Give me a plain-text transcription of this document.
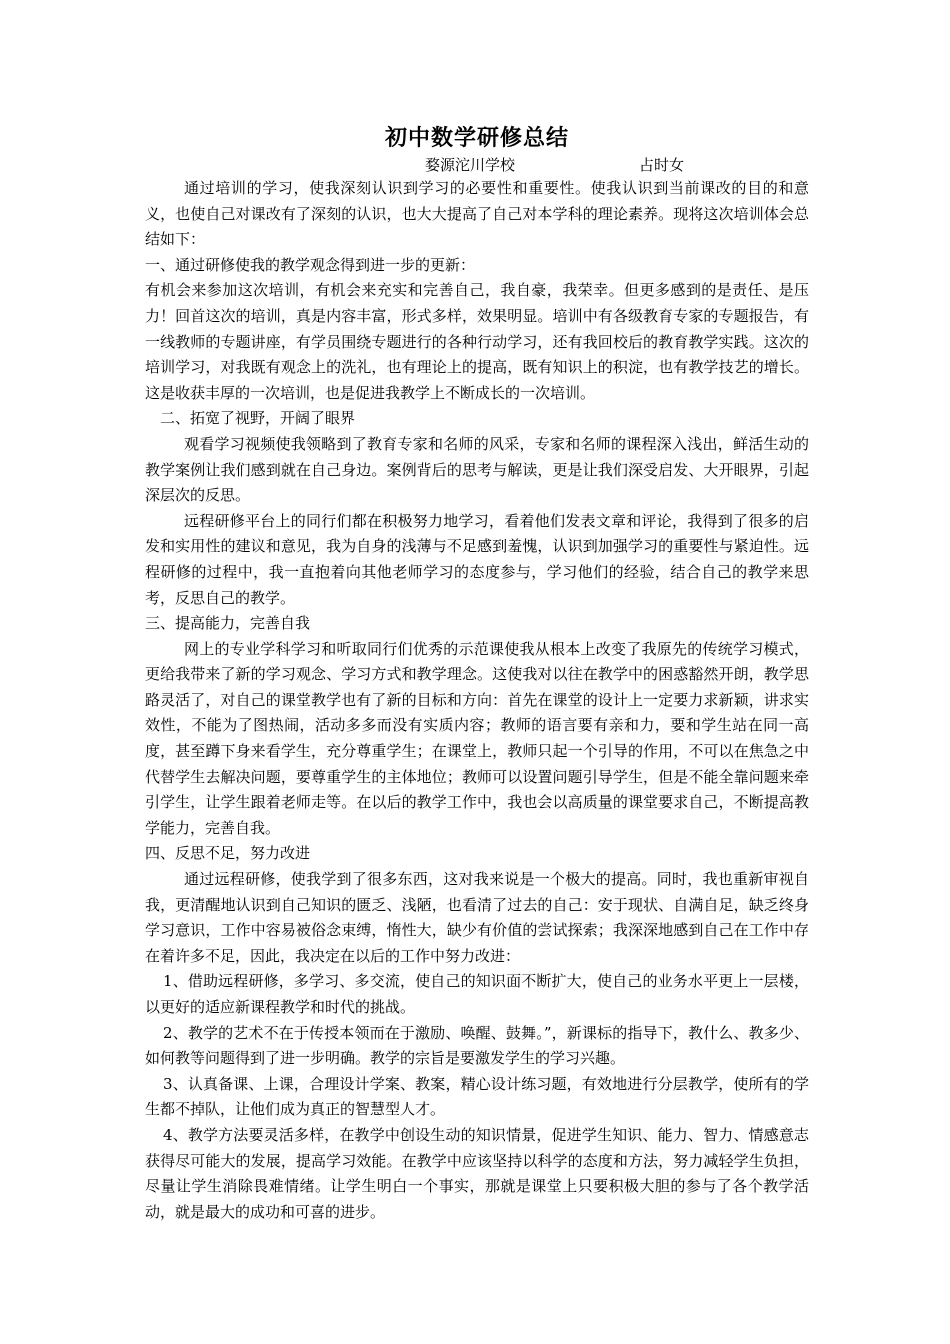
初中数学研修总结

婺源沱川学校	占时女

通过培训的学习，使我深刻认识到学习的必要性和重要性。使我认识到当前课改的目的和意义，也使自己对课改有了深刻的认识，也大大提高了自己对本学科的理论素养。现将这次培训体会总结如下：

一、通过研修使我的教学观念得到进一步的更新：

有机会来参加这次培训，有机会来充实和完善自己，我自豪，我荣幸。但更多感到的是责任、是压力！回首这次的培训，真是内容丰富，形式多样，效果明显。培训中有各级教育专家的专题报告，有一线教师的专题讲座，有学员围绕专题进行的各种行动学习，还有我回校后的教育教学实践。这次的培训学习，对我既有观念上的洗礼，也有理论上的提高，既有知识上的积淀，也有教学技艺的增长。这是收获丰厚的一次培训，也是促进我教学上不断成长的一次培训。

二、拓宽了视野，开阔了眼界

观看学习视频使我领略到了教育专家和名师的风采，专家和名师的课程深入浅出，鲜活生动的教学案例让我们感到就在自己身边。案例背后的思考与解读，更是让我们深受启发、大开眼界，引起深层次的反思。

远程研修平台上的同行们都在积极努力地学习，看着他们发表文章和评论，我得到了很多的启发和实用性的建议和意见，我为自身的浅薄与不足感到羞愧，认识到加强学习的重要性与紧迫性。远程研修的过程中，我一直抱着向其他老师学习的态度参与，学习他们的经验，结合自己的教学来思考，反思自己的教学。

三、提高能力，完善自我

网上的专业学科学习和听取同行们优秀的示范课使我从根本上改变了我原先的传统学习模式，更给我带来了新的学习观念、学习方式和教学理念。这使我对以往在教学中的困惑豁然开朗，教学思路灵活了，对自己的课堂教学也有了新的目标和方向：首先在课堂的设计上一定要力求新颖，讲求实效性，不能为了图热闹，活动多多而没有实质内容；教师的语言要有亲和力，要和学生站在同一高度，甚至蹲下身来看学生，充分尊重学生；在课堂上，教师只起一个引导的作用，不可以在焦急之中代替学生去解决问题，要尊重学生的主体地位；教师可以设置问题引导学生，但是不能全靠问题来牵引学生，让学生跟着老师走等。在以后的教学工作中，我也会以高质量的课堂要求自己，不断提高教学能力，完善自我。

四、反思不足，努力改进

通过远程研修，使我学到了很多东西，这对我来说是一个极大的提高。同时，我也重新审视自我，更清醒地认识到自己知识的匮乏、浅陋，也看清了过去的自己：安于现状、自满自足，缺乏终身学习意识，工作中容易被俗念束缚，惰性大，缺少有价值的尝试探索；我深深地感到自己在工作中存在着许多不足，因此，我决定在以后的工作中努力改进：

1、借助远程研修，多学习、多交流，使自己的知识面不断扩大，使自己的业务水平更上一层楼，以更好的适应新课程教学和时代的挑战。

2、教学的艺术不在于传授本领而在于激励、唤醒、鼓舞。”，新课标的指导下，教什么、教多少、如何教等问题得到了进一步明确。教学的宗旨是要激发学生的学习兴趣。

3、认真备课、上课，合理设计学案、教案，精心设计练习题，有效地进行分层教学，使所有的学生都不掉队，让他们成为真正的智慧型人才。

4、教学方法要灵活多样，在教学中创设生动的知识情景，促进学生知识、能力、智力、情感意志获得尽可能大的发展，提高学习效能。在教学中应该坚持以科学的态度和方法，努力减轻学生负担，尽量让学生消除畏难情绪。让学生明白一个事实，那就是课堂上只要积极大胆的参与了各个教学活动，就是最大的成功和可喜的进步。
